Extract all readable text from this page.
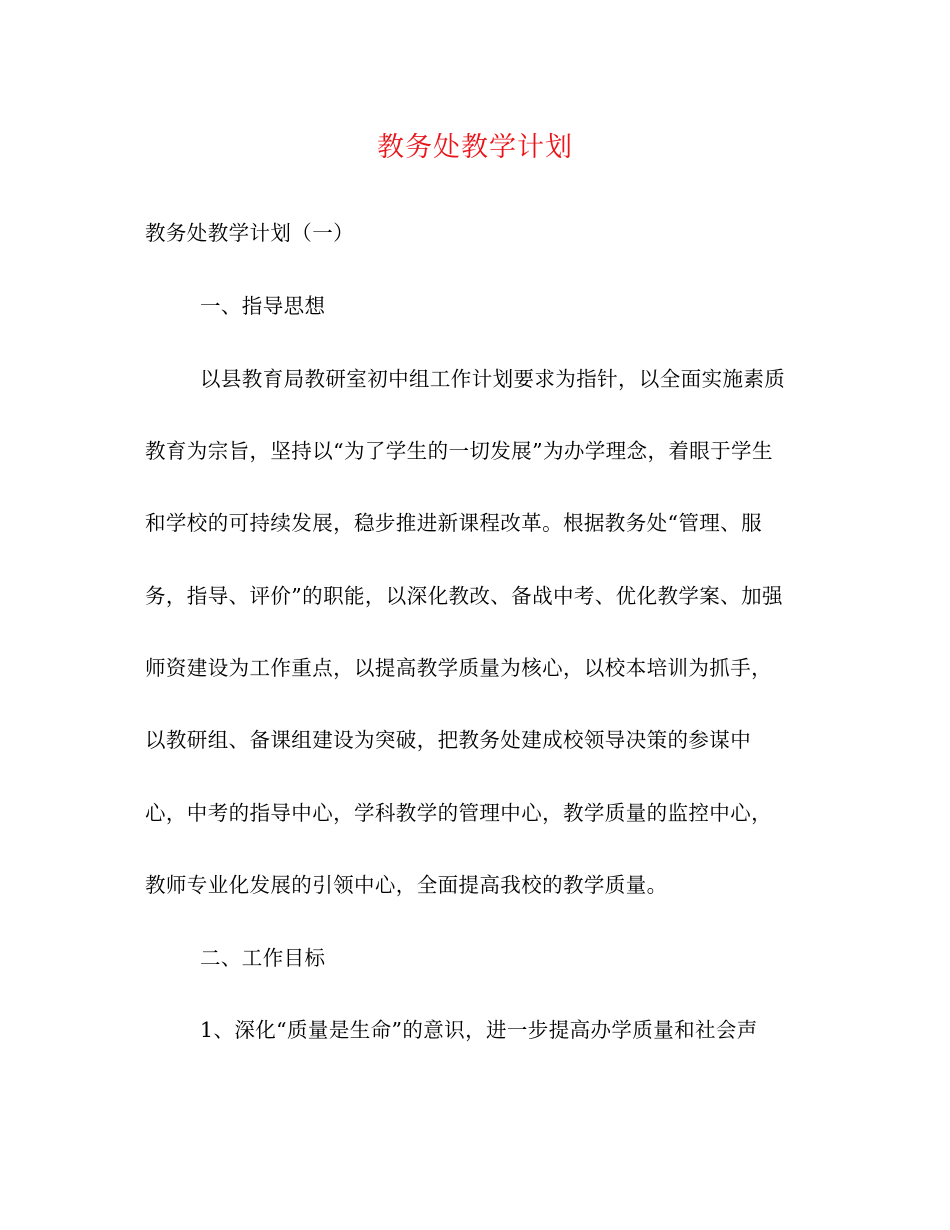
教务处教学计划
教务处教学计划（一）
一、指导思想
以县教育局教研室初中组工作计划要求为指针，以全面实施素质
教育为宗旨，坚持以“为了学生的一切发展”为办学理念，着眼于学生
和学校的可持续发展，稳步推进新课程改革。根据教务处“管理、服
务，指导、评价”的职能，以深化教改、备战中考、优化教学案、加强
师资建设为工作重点，以提高教学质量为核心，以校本培训为抓手，
以教研组、备课组建设为突破，把教务处建成校领导决策的参谋中
心，中考的指导中心，学科教学的管理中心，教学质量的监控中心，
教师专业化发展的引领中心，全面提高我校的教学质量。
二、工作目标
1、深化“质量是生命”的意识，进一步提高办学质量和社会声
